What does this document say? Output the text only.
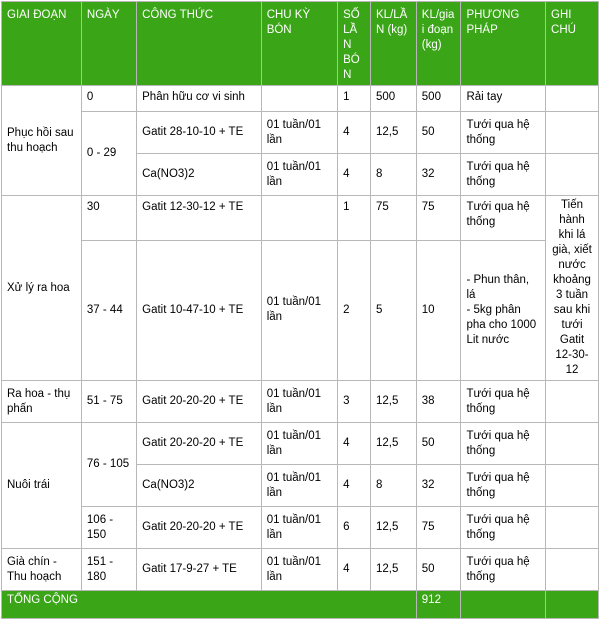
GIAI ĐOẠN	NGÀY	CÔNG THỨC	CHU KỲ BÓN	SỐ LẦN BÓN	KL/LẦN (kg)	KL/giai đoạn (kg)	PHƯƠNG PHÁP	GHI CHÚ
Phục hồi sau thu hoạch	0	Phân hữu cơ vi sinh		1	500	500	Rải tay	
	0 - 29	Gatit 28-10-10 + TE	01 tuần/01 lần	4	12,5	50	Tưới qua hệ thống	
		Ca(NO3)2	01 tuần/01 lần	4	8	32	Tưới qua hệ thống	
Xử lý ra hoa	30	Gatit 12-30-12 + TE		1	75	75	Tưới qua hệ thống	Tiến hành khi lá già, xiết nước khoảng 3 tuần sau khi tưới Gatit 12-30-12
	37 - 44	Gatit 10-47-10 + TE	01 tuần/01 lần	2	5	10	- Phun thân, lá
- 5kg phân pha cho 1000 Lit nước	

Ra hoa - thụ phấn	51 - 75	Gatit 20-20-20 + TE	01 tuần/01 lần	3	12,5	38	Tưới qua hệ thống	
Nuôi trái	76 - 105	Gatit 20-20-20 + TE	01 tuần/01 lần	4	12,5	50	Tưới qua hệ thống	
		Ca(NO3)2	01 tuần/01 lần	4	8	32	Tưới qua hệ thống	
	106 - 150	Gatit 20-20-20 + TE	01 tuần/01 lần	6	12,5	75	Tưới qua hệ thống	
Già chín - Thu hoạch	151 - 180	Gatit 17-9-27 + TE	01 tuần/01 lần	4	12,5	50	Tưới qua hệ thống	
TỔNG CỘNG						912		
